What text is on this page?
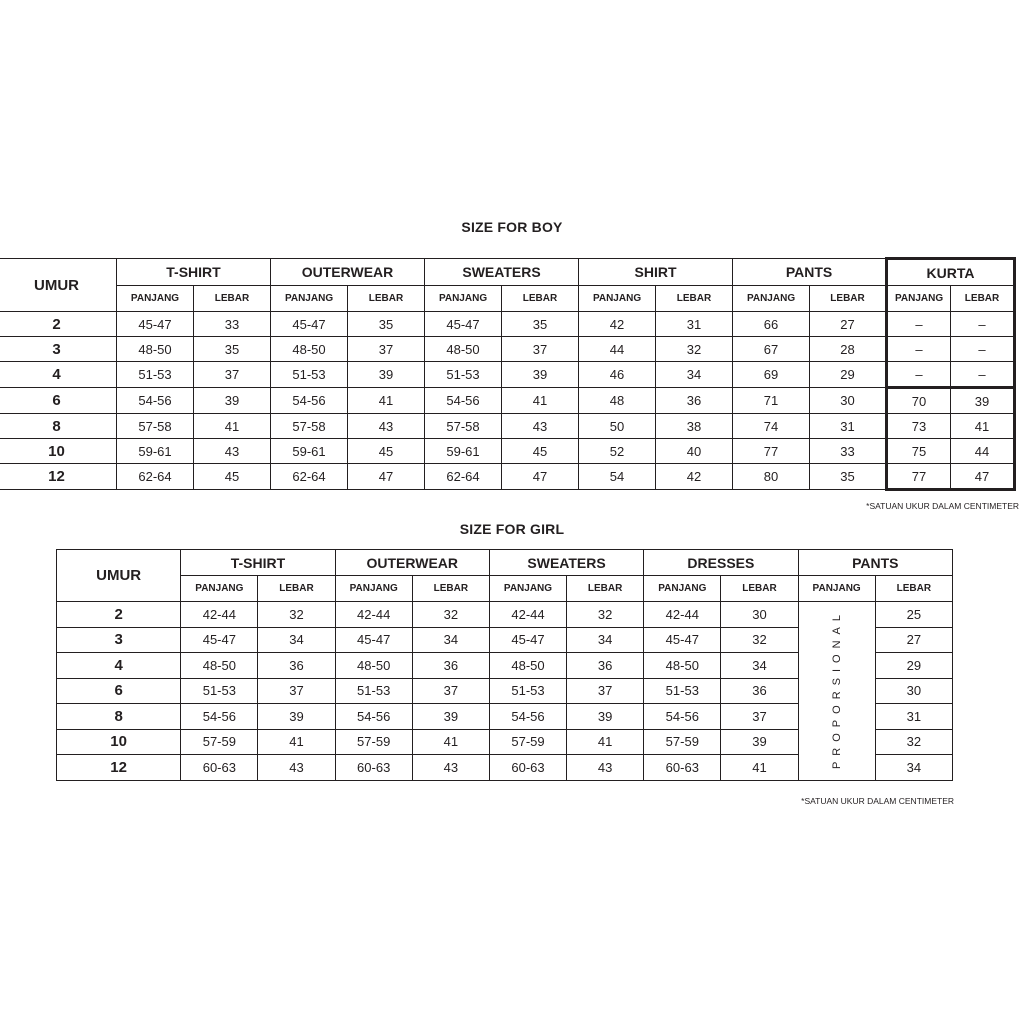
SIZE FOR BOY
UMUR	T-SHIRT		OUTERWEAR		SWEATERS		SHIRT		PANTS		KURTA	
	PANJANG	LEBAR	PANJANG	LEBAR	PANJANG	LEBAR	PANJANG	LEBAR	PANJANG	LEBAR	PANJANG	LEBAR
2	45-47	33	45-47	35	45-47	35	42	31	66	27	–	–
3	48-50	35	48-50	37	48-50	37	44	32	67	28	–	–
4	51-53	37	51-53	39	51-53	39	46	34	69	29	–	–
6	54-56	39	54-56	41	54-56	41	48	36	71	30	70	39
8	57-58	41	57-58	43	57-58	43	50	38	74	31	73	41
10	59-61	43	59-61	45	59-61	45	52	40	77	33	75	44
12	62-64	45	62-64	47	62-64	47	54	42	80	35	77	47
*SATUAN UKUR DALAM CENTIMETER
SIZE FOR GIRL
UMUR	T-SHIRT		OUTERWEAR		SWEATERS		DRESSES		PANTS	
	PANJANG	LEBAR	PANJANG	LEBAR	PANJANG	LEBAR	PANJANG	LEBAR	PANJANG	LEBAR
2	42-44	32	42-44	32	42-44	32	42-44	30	PROPORSIONAL	25
3	45-47	34	45-47	34	45-47	34	45-47	32		27
4	48-50	36	48-50	36	48-50	36	48-50	34		29
6	51-53	37	51-53	37	51-53	37	51-53	36		30
8	54-56	39	54-56	39	54-56	39	54-56	37		31
10	57-59	41	57-59	41	57-59	41	57-59	39		32
12	60-63	43	60-63	43	60-63	43	60-63	41		34
*SATUAN UKUR DALAM CENTIMETER
